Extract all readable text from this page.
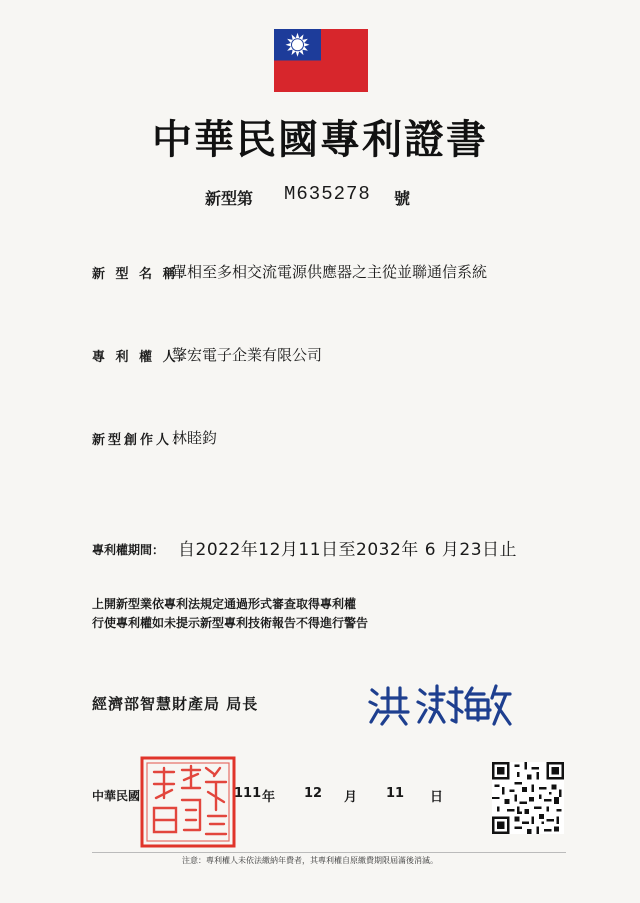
中華民國專利證書
新型第 M635278 號
新 型 名 稱：
單相至多相交流電源供應器之主從並聯通信系統
專 利 權 人：
擎宏電子企業有限公司
新型創作人：
林睦鈞
專利權期間： 自2022年12月11日至2032年 6 月23日止
上開新型業依專利法規定通過形式審查取得專利權
行使專利權如未提示新型專利技術報告不得進行警告
經濟部智慧財產局 局長
中華民國	111 年 12 月 11 日
注意：專利權人未依法繳納年費者，其專利權自原繳費期限屆滿後消滅。
